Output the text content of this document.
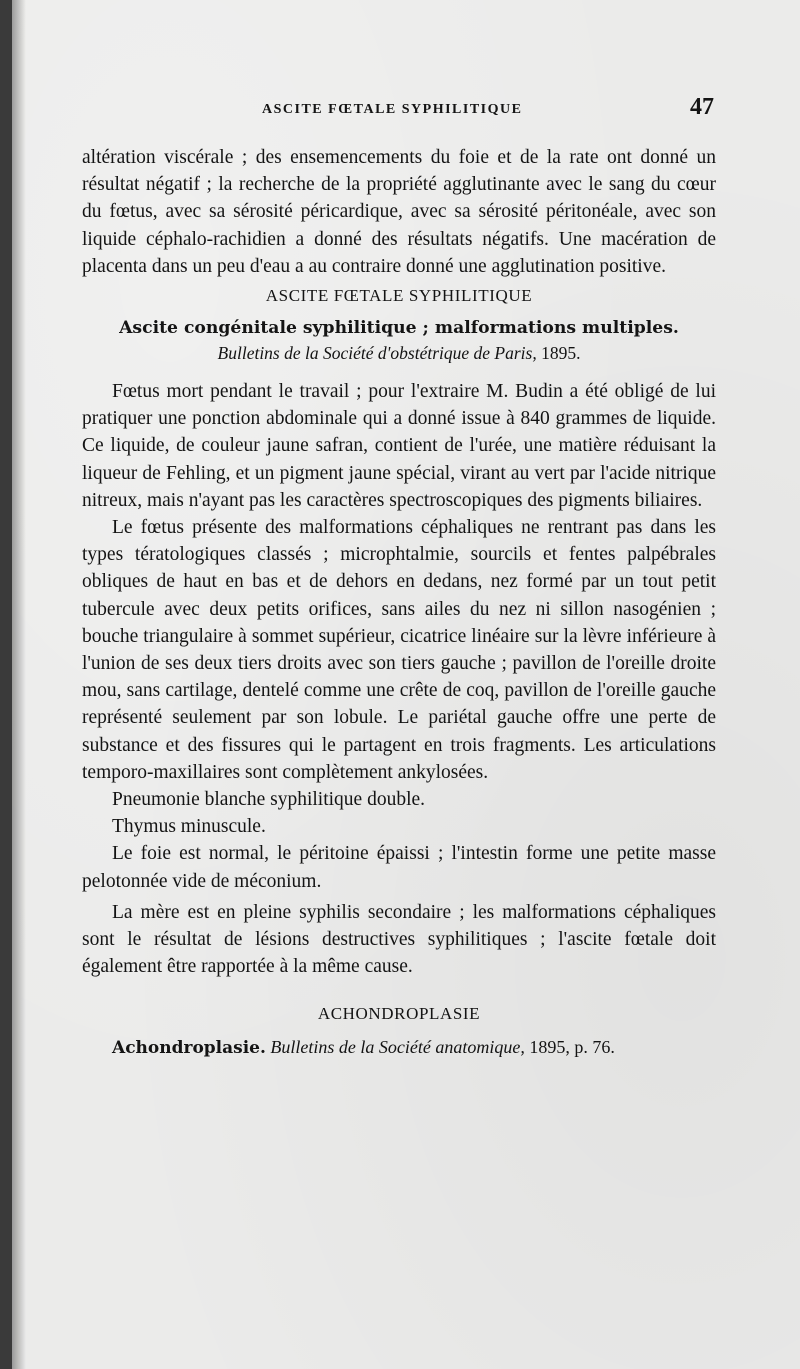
ASCITE FŒTALE SYPHILITIQUE	47

altération viscérale ; des ensemencements du foie et de la rate ont donné un résultat négatif ; la recherche de la propriété agglutinante avec le sang du cœur du fœtus, avec sa sérosité péricardique, avec sa sérosité péritonéale, avec son liquide céphalo-rachidien a donné des résultats négatifs. Une macération de placenta dans un peu d'eau a au contraire donné une agglutination positive.

ASCITE FŒTALE SYPHILITIQUE
Ascite congénitale syphilitique ; malformations multiples.
Bulletins de la Société d'obstétrique de Paris, 1895.

Fœtus mort pendant le travail ; pour l'extraire M. Budin a été obligé de lui pratiquer une ponction abdominale qui a donné issue à 840 grammes de liquide. Ce liquide, de couleur jaune safran, contient de l'urée, une matière réduisant la liqueur de Fehling, et un pigment jaune spécial, virant au vert par l'acide nitrique nitreux, mais n'ayant pas les caractères spectroscopiques des pigments biliaires.

Le fœtus présente des malformations céphaliques ne rentrant pas dans les types tératologiques classés ; microphtalmie, sourcils et fentes palpébrales obliques de haut en bas et de dehors en dedans, nez formé par un tout petit tubercule avec deux petits orifices, sans ailes du nez ni sillon nasogénien ; bouche triangulaire à sommet supérieur, cicatrice linéaire sur la lèvre inférieure à l'union de ses deux tiers droits avec son tiers gauche ; pavillon de l'oreille droite mou, sans cartilage, dentelé comme une crête de coq, pavillon de l'oreille gauche représenté seulement par son lobule. Le pariétal gauche offre une perte de substance et des fissures qui le partagent en trois fragments. Les articulations temporo-maxillaires sont complètement ankylosées.

Pneumonie blanche syphilitique double.

Thymus minuscule.

Le foie est normal, le péritoine épaissi ; l'intestin forme une petite masse pelotonnée vide de méconium.

La mère est en pleine syphilis secondaire ; les malformations céphaliques sont le résultat de lésions destructives syphilitiques ; l'ascite fœtale doit également être rapportée à la même cause.

ACHONDROPLASIE

Achondroplasie. Bulletins de la Société anatomique, 1895, p. 76.
